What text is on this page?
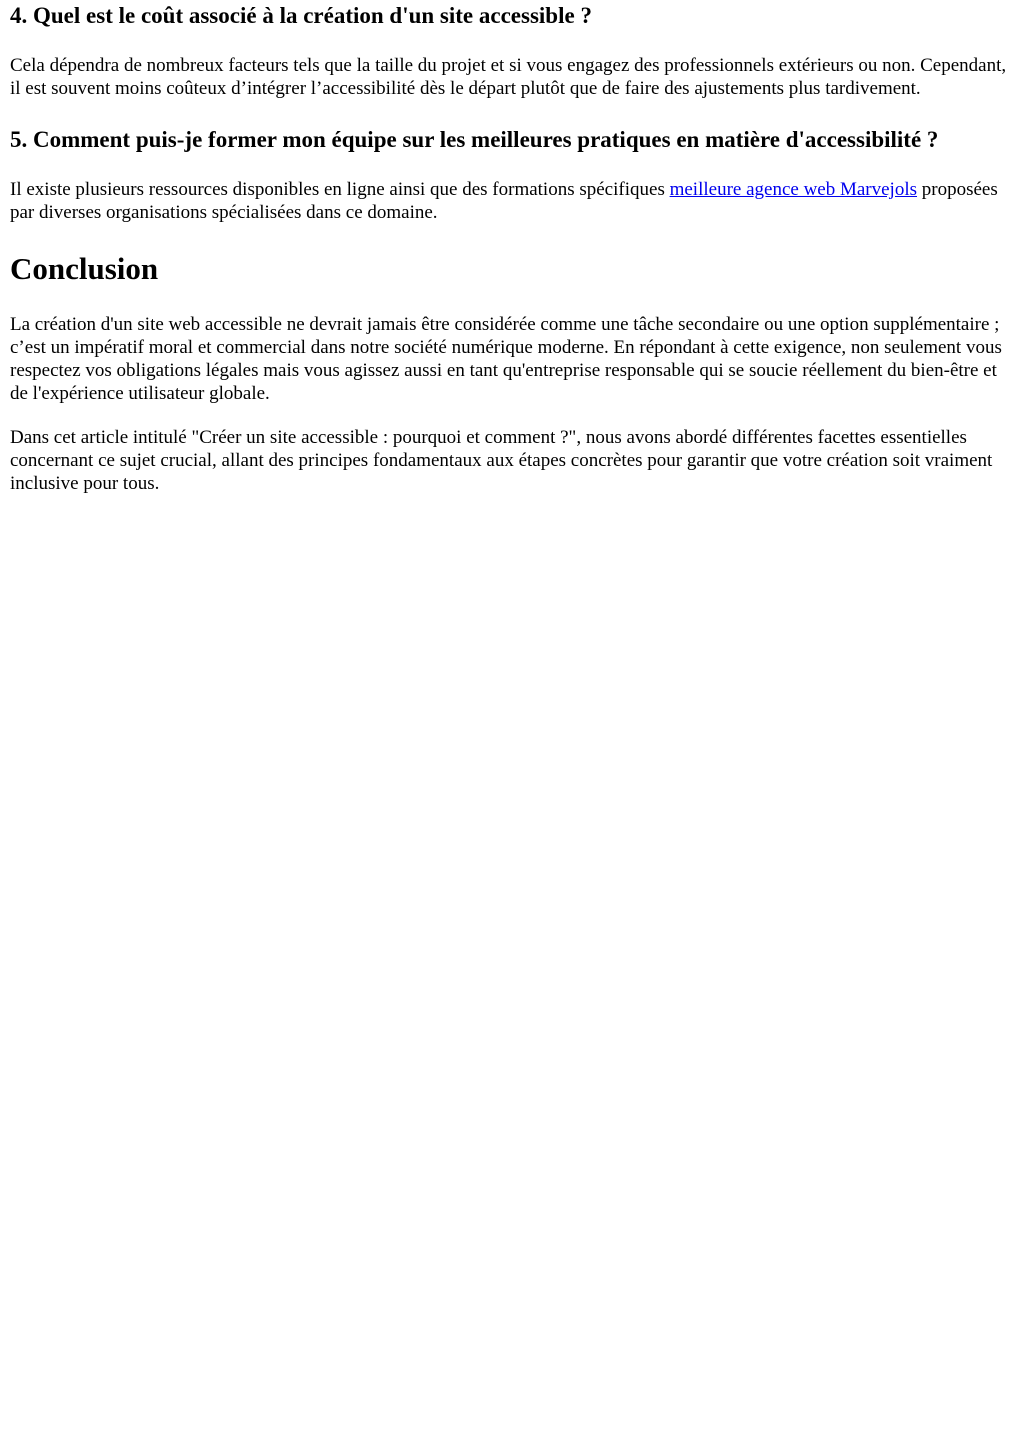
4. Quel est le coût associé à la création d'un site accessible ?

Cela dépendra de nombreux facteurs tels que la taille du projet et si vous engagez des professionnels extérieurs ou non. Cependant, il est souvent moins coûteux d’intégrer l’accessibilité dès le départ plutôt que de faire des ajustements plus tardivement.

5. Comment puis-je former mon équipe sur les meilleures pratiques en matière d'accessibilité ?

Il existe plusieurs ressources disponibles en ligne ainsi que des formations spécifiques meilleure agence web Marvejols proposées par diverses organisations spécialisées dans ce domaine.

Conclusion

La création d'un site web accessible ne devrait jamais être considérée comme une tâche secondaire ou une option supplémentaire ; c’est un impératif moral et commercial dans notre société numérique moderne. En répondant à cette exigence, non seulement vous respectez vos obligations légales mais vous agissez aussi en tant qu'entreprise responsable qui se soucie réellement du bien-être et de l'expérience utilisateur globale.

Dans cet article intitulé "Créer un site accessible : pourquoi et comment ?", nous avons abordé différentes facettes essentielles concernant ce sujet crucial, allant des principes fondamentaux aux étapes concrètes pour garantir que votre création soit vraiment inclusive pour tous.
